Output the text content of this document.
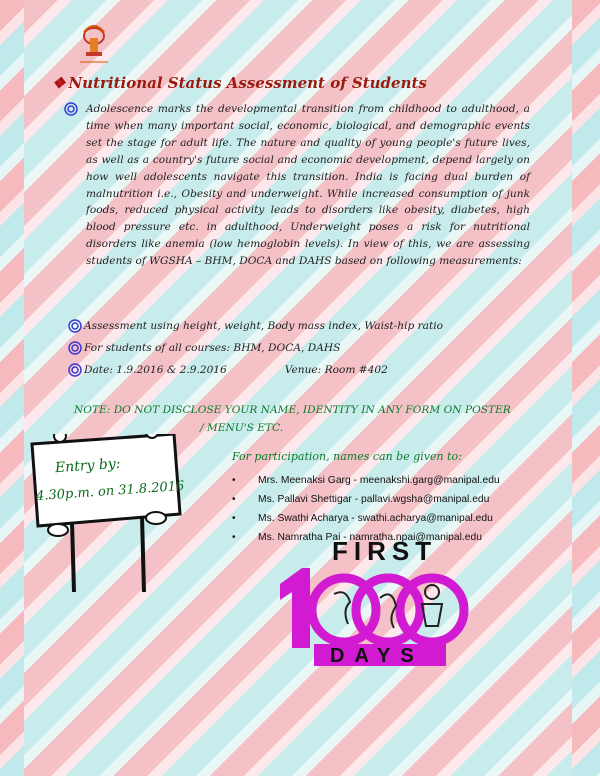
❖ Nutritional Status Assessment of Students
Adolescence marks the developmental transition from childhood to adulthood, a time when many important social, economic, biological, and demographic events set the stage for adult life. The nature and quality of young people's future lives, as well as a country's future social and economic development, depend largely on how well adolescents navigate this transition. India is facing dual burden of malnutrition i.e., Obesity and underweight. While increased consumption of junk foods, reduced physical activity leads to disorders like obesity, diabetes, high blood pressure etc. in adulthood, Underweight poses a risk for nutritional disorders like anemia (low hemoglobin levels). In view of this, we are assessing students of WGSHA – BHM, DOCA and DAHS based on following measurements:
Assessment using height, weight, Body mass index, Waist-hip ratio
For students of all courses: BHM, DOCA, DAHS
Date: 1.9.2016 & 2.9.2016	Venue: Room #402
NOTE: DO NOT DISCLOSE YOUR NAME, IDENTITY IN ANY FORM ON POSTER
/ MENU'S ETC.
Entry by:
4.30p.m. on 31.8.2016
For participation, names can be given to:
•	Mrs. Meenaksi Garg - meenakshi.garg@manipal.edu
•	Ms. Pallavi Shettigar - pallavi.wgsha@manipal.edu
•	Ms. Swathi Acharya - swathi.acharya@manipal.edu
•	Ms. Namratha Pai - namratha.npai@manipal.edu
FIRST
1000
DAYS
